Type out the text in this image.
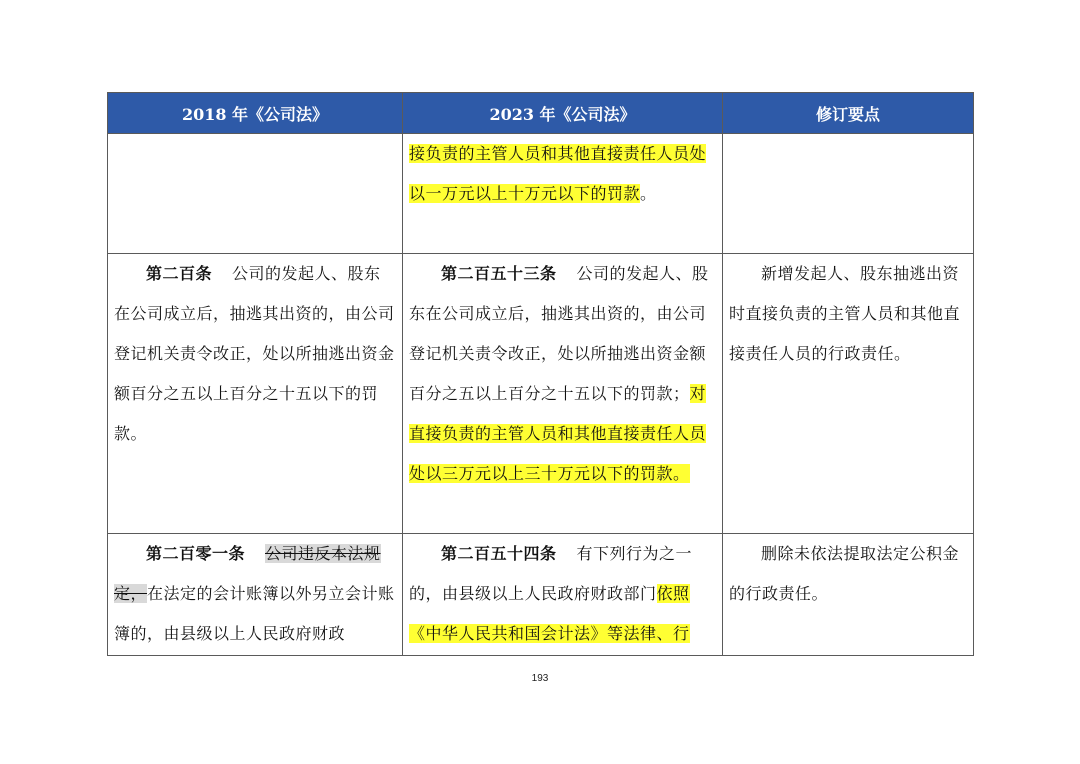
2018 年《公司法》	2023 年《公司法》	修订要点
	接负责的主管人员和其他直接责任人员处以一万元以上十万元以下的罚款。	
第二百条 公司的发起人、股东在公司成立后，抽逃其出资的，由公司登记机关责令改正，处以所抽逃出资金额百分之五以上百分之十五以下的罚款。	第二百五十三条 公司的发起人、股东在公司成立后，抽逃其出资的，由公司登记机关责令改正，处以所抽逃出资金额百分之五以上百分之十五以下的罚款；对直接负责的主管人员和其他直接责任人员处以三万元以上三十万元以下的罚款。	新增发起人、股东抽逃出资时直接负责的主管人员和其他直接责任人员的行政责任。

第二百零一条 公司违反本法规定，在法定的会计账簿以外另立会计账簿的，由县级以上人民政府财政	第二百五十四条 有下列行为之一的，由县级以上人民政府财政部门依照《中华人民共和国会计法》等法律、行	删除未依法提取法定公积金的行政责任。
193
